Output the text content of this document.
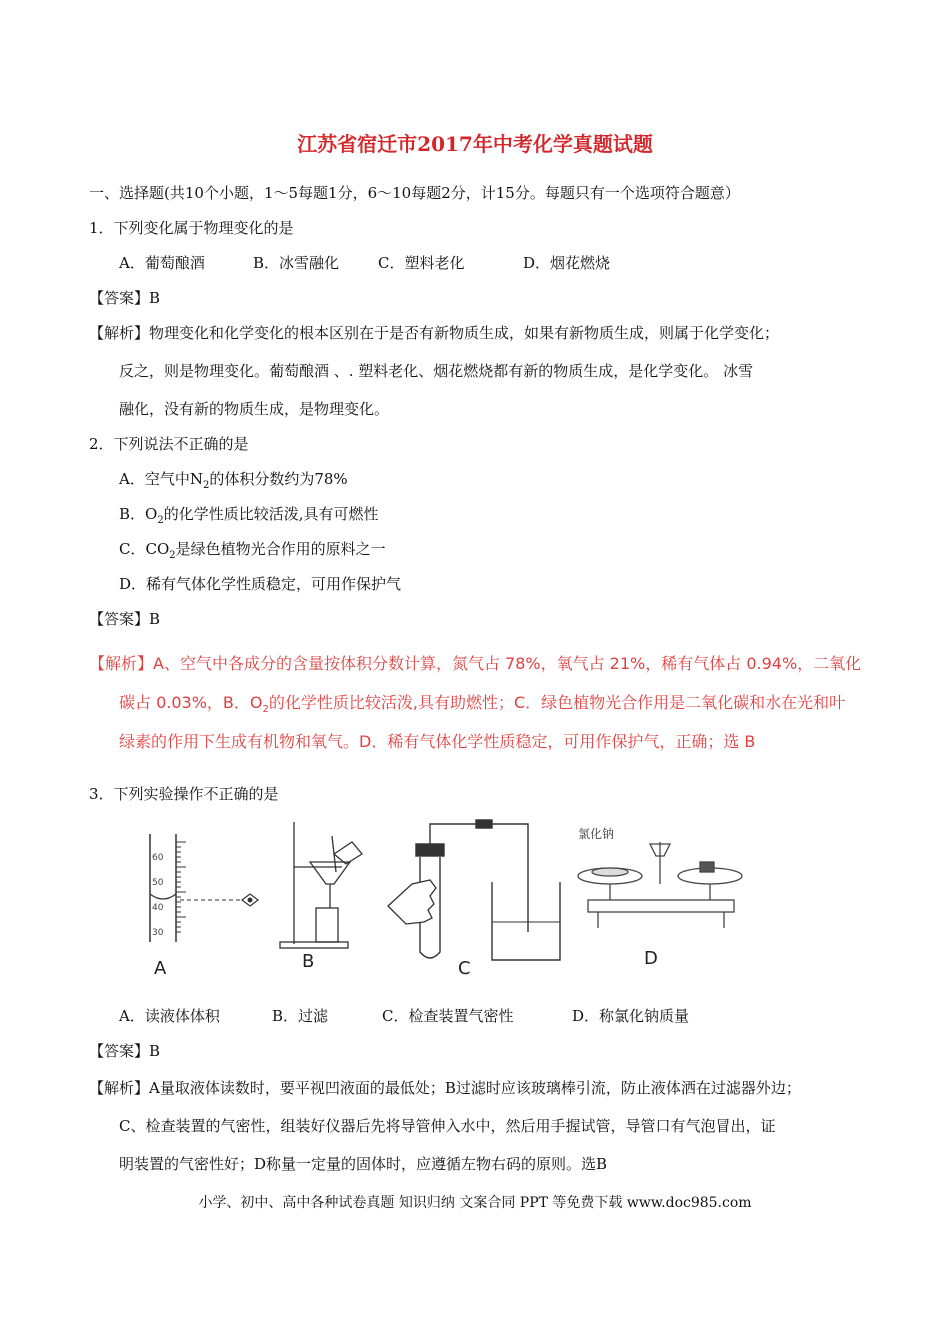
江苏省宿迁市2017年中考化学真题试题
一、选择题(共10个小题，1～5每题1分，6～10每题2分，计15分。每题只有一个选项符合题意）
1．下列变化属于物理变化的是
A．葡萄酿酒	B．冰雪融化	C．塑料老化	D．烟花燃烧
【答案】B
【解析】物理变化和化学变化的根本区别在于是否有新物质生成，如果有新物质生成，则属于化学变化；
反之，则是物理变化。葡萄酿酒 、. 塑料老化、烟花燃烧都有新的物质生成，是化学变化。 冰雪
融化，没有新的物质生成，是物理变化。
2．下列说法不正确的是
A．空气中$N_2$的体积分数约为78%
B．$O_2$的化学性质比较活泼,具有可燃性
C．$CO_2$是绿色植物光合作用的原料之一
D．稀有气体化学性质稳定，可用作保护气
【答案】B
【解析】A、空气中各成分的含量按体积分数计算，氮气占 78%，氧气占 21%，稀有气体占 0.94%，二氧化
碳占 0.03%，B．$O_2$的化学性质比较活泼,具有助燃性；C．绿色植物光合作用是二氧化碳和水在光和叶
绿素的作用下生成有机物和氧气。D．稀有气体化学性质稳定，可用作保护气，正确；选 B
3．下列实验操作不正确的是
60
50
40
30
A	B	C
氯化钠
D
A．读液体体积	B．过滤	C．检查装置气密性	D．称氯化钠质量
【答案】B
【解析】A量取液体读数时，要平视凹液面的最低处；B过滤时应该玻璃棒引流，防止液体洒在过滤器外边；
C、检查装置的气密性，组装好仪器后先将导管伸入水中，然后用手握试管，导管口有气泡冒出，证
明装置的气密性好；D称量一定量的固体时，应遵循左物右码的原则。选B
小学、初中、高中各种试卷真题 知识归纳 文案合同 PPT 等免费下载 www.doc985.com
